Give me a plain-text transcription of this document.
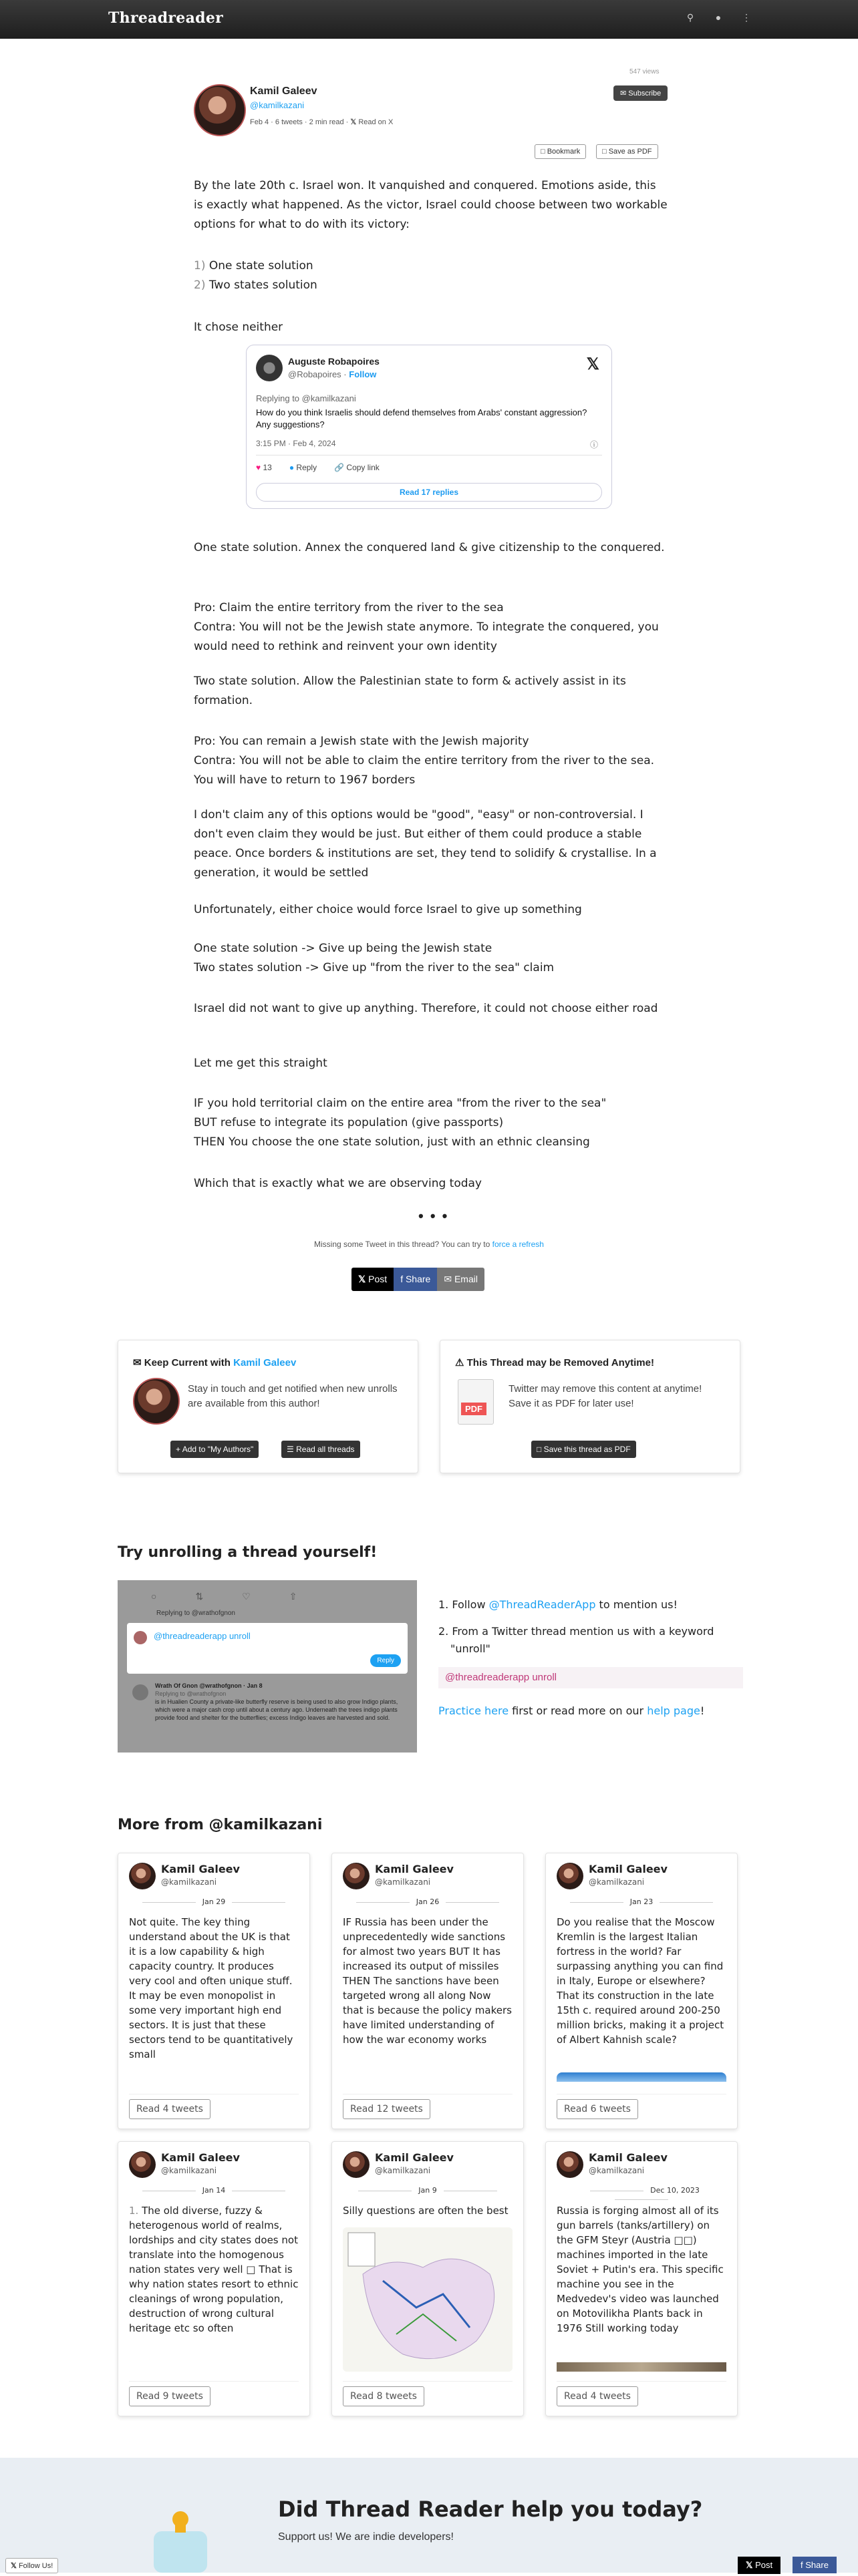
Threadreader	⚲ ● ⋮
Kamil Galeev
@kamilkazani
Feb 4 · 6 tweets · 2 min read · 𝕏 Read on X
547 views
✉ Subscribe
□ Bookmark	□ Save as PDF

By the late 20th c. Israel won. It vanquished and conquered. Emotions aside, this is exactly what happened. As the victor, Israel could choose between two workable options for what to do with its victory:

1) One state solution

2) Two states solution

It chose neither

Auguste Robapoires
@Robapoires · Follow
𝕏
Replying to @kamilkazani
How do you think Israelis should defend themselves from Arabs' constant aggression? Any suggestions?
3:15 PM · Feb 4, 2024	ⓘ
♥ 13 ● Reply 🔗 Copy link
Read 17 replies

One state solution. Annex the conquered land & give citizenship to the conquered.

Pro: Claim the entire territory from the river to the sea

Contra: You will not be the Jewish state anymore. To integrate the conquered, you would need to rethink and reinvent your own identity

Two state solution. Allow the Palestinian state to form & actively assist in its formation.

Pro: You can remain a Jewish state with the Jewish majority

Contra: You will not be able to claim the entire territory from the river to the sea. You will have to return to 1967 borders

I don't claim any of this options would be "good", "easy" or non-controversial. I don't even claim they would be just. But either of them could produce a stable peace. Once borders & institutions are set, they tend to solidify & crystallise. In a generation, it would be settled

Unfortunately, either choice would force Israel to give up something

One state solution -> Give up being the Jewish state

Two states solution -> Give up "from the river to the sea" claim

Israel did not want to give up anything. Therefore, it could not choose either road

Let me get this straight

IF you hold territorial claim on the entire area "from the river to the sea"

BUT refuse to integrate its population (give passports)

THEN You choose the one state solution, just with an ethnic cleansing

Which that is exactly what we are observing today

• • •
Missing some Tweet in this thread? You can try to force a refresh
𝕏 Post	f Share	✉ Email
✉ Keep Current with Kamil Galeev
Stay in touch and get notified when new unrolls are available from this author!
+ Add to "My Authors"	☰ Read all threads
⚠ This Thread may be Removed Anytime!
PDF
Twitter may remove this content at anytime! Save it as PDF for later use!
□ Save this thread as PDF
Try unrolling a thread yourself!
○⇅♡⇧
Replying to @wrathofgnon
@threadreaderapp unroll
Reply
Wrath Of Gnon @wrathofgnon · Jan 8
Replying to @wrathofgnon
is in Hualien County a private-like butterfly reserve is being used to also grow Indigo plants, which were a major cash crop until about a century ago. Underneath the trees indigo plants provide food and shelter for the butterflies; excess Indigo leaves are harvested and sold.
1. Follow @ThreadReaderApp to mention us!
2. From a Twitter thread mention us with a keyword "unroll"
@threadreaderapp unroll
Practice here first or read more on our help page!
More from @kamilkazani
Kamil Galeev
@kamilkazani
Jan 29
Not quite. The key thing understand about the UK is that it is a low capability & high capacity country. It produces very cool and often unique stuff. It may be even monopolist in some very important high end sectors. It is just that these sectors tend to be quantitatively small
Read 4 tweets
Kamil Galeev
@kamilkazani
Jan 26
IF Russia has been under the unprecedentedly wide sanctions for almost two years BUT It has increased its output of missiles THEN The sanctions have been targeted wrong all along Now that is because the policy makers have limited understanding of how the war economy works
Read 12 tweets
Kamil Galeev
@kamilkazani
Jan 23
Do you realise that the Moscow Kremlin is the largest Italian fortress in the world? Far surpassing anything you can find in Italy, Europe or elsewhere? That its construction in the late 15th c. required around 200-250 million bricks, making it a project of Albert Kahnish scale?
Read 6 tweets
Kamil Galeev
@kamilkazani
Jan 14
1. The old diverse, fuzzy & heterogenous world of realms, lordships and city states does not translate into the homogenous nation states very well □ That is why nation states resort to ethnic cleanings of wrong population, destruction of wrong cultural heritage etc so often
Read 9 tweets
Kamil Galeev
@kamilkazani
Jan 9
Silly questions are often the best
Read 8 tweets
Kamil Galeev
@kamilkazani
Dec 10, 2023
Russia is forging almost all of its gun barrels (tanks/artillery) on the GFM Steyr (Austria □□) machines imported in the late Soviet + Putin's era. This specific machine you see in the Medvedev's video was launched on Motovilikha Plants back in 1976 Still working today
Read 4 tweets
Did Thread Reader help you today?
Support us! We are indie developers!
𝕏 Follow Us!	𝕏 Post	f Share
